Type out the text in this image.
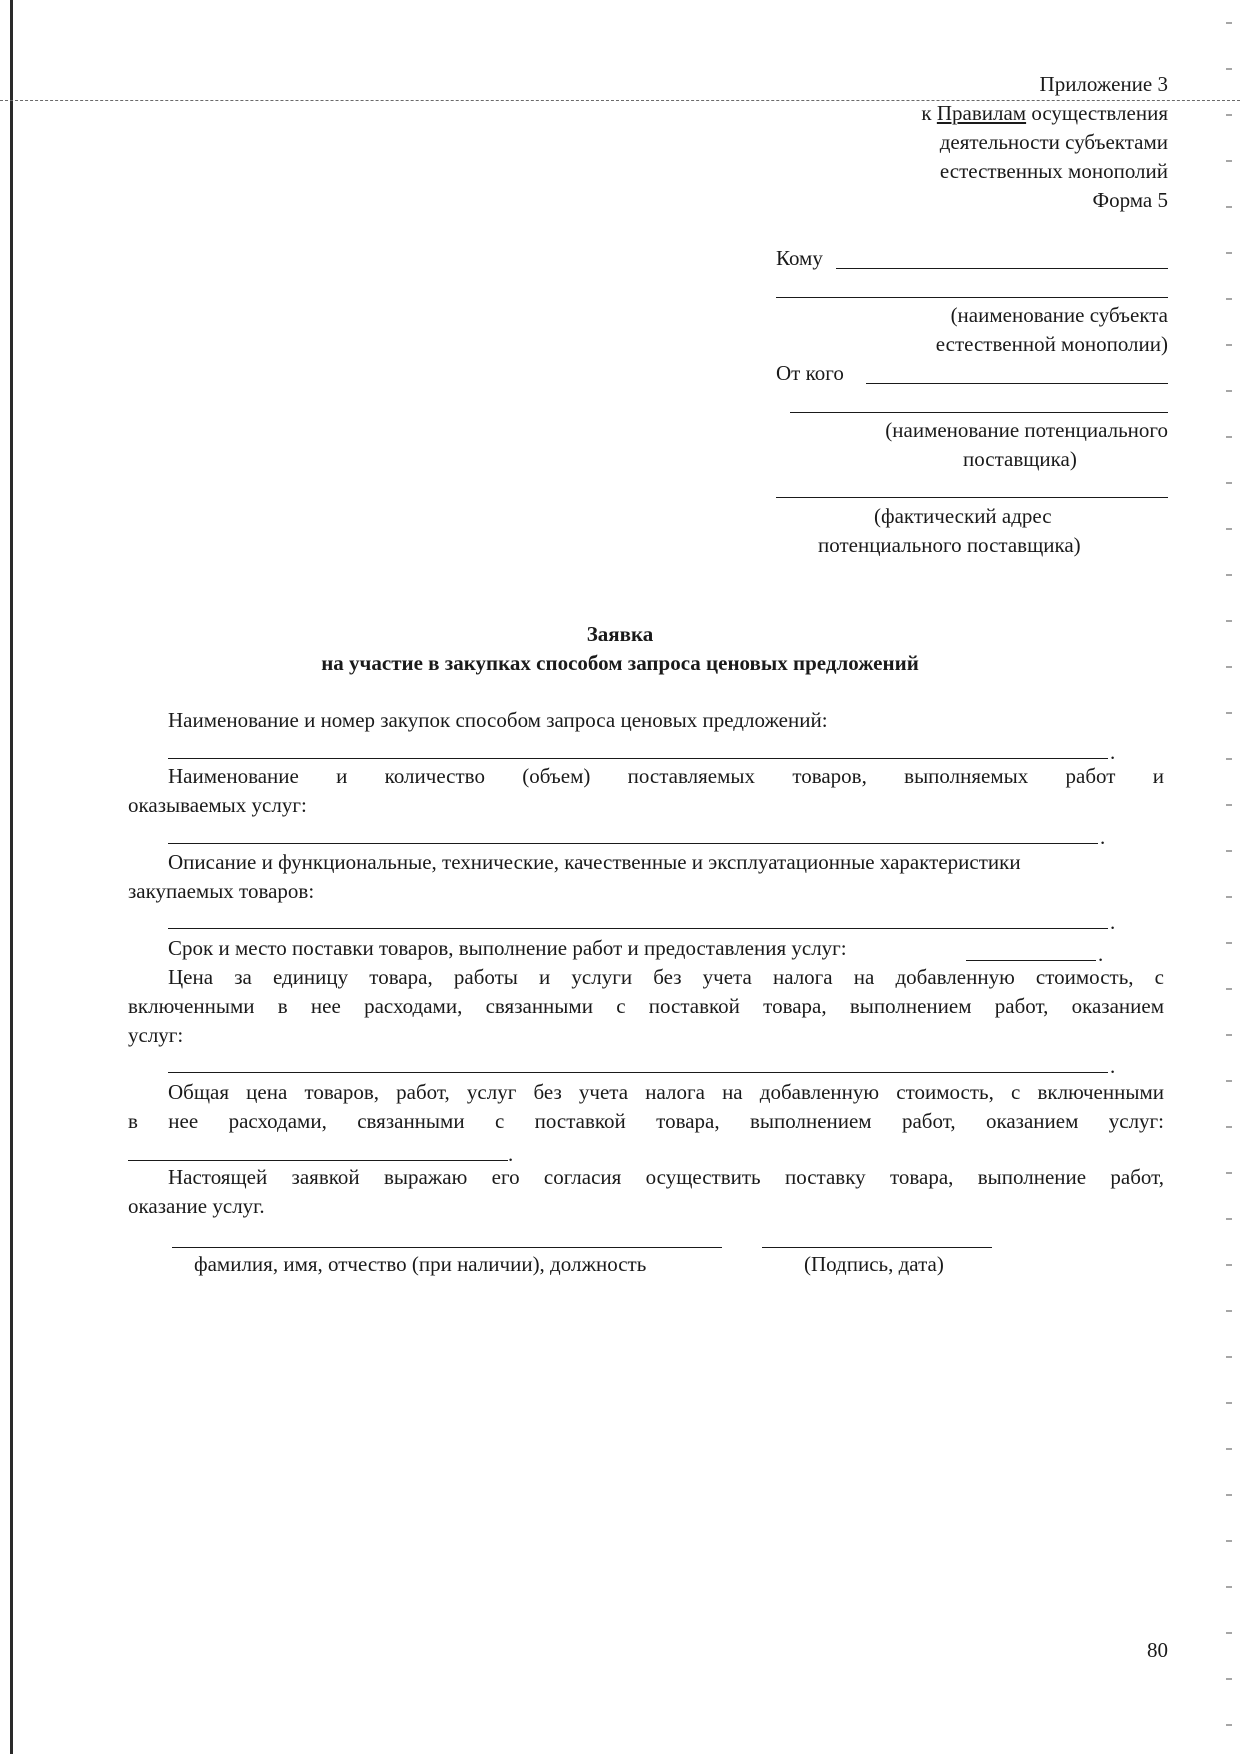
Приложение 3
к Правилам осуществления
деятельности субъектами
естественных монополий
Форма 5
Кому
(наименование субъекта
естественной монополии)
От кого
(наименование потенциального
поставщика)
(фактический адрес
потенциального поставщика)
Заявка
на участие в закупках способом запроса ценовых предложений
Наименование и номер закупок способом запроса ценовых предложений:
.
Наименование и количество (объем) поставляемых товаров, выполняемых работ и
оказываемых услуг:
.
Описание и функциональные, технические, качественные и эксплуатационные характеристики
закупаемых товаров:
.
Срок и место поставки товаров, выполнение работ и предоставления услуг:	.
Цена за единицу товара, работы и услуги без учета налога на добавленную стоимость, с
включенными в нее расходами, связанными с поставкой товара, выполнением работ, оказанием
услуг:
.
Общая цена товаров, работ, услуг без учета налога на добавленную стоимость, с включенными
в нее расходами, связанными с поставкой товара, выполнением работ, оказанием услуг:
.
Настоящей заявкой выражаю его согласия осуществить поставку товара, выполнение работ,
оказание услуг.
фамилия, имя, отчество (при наличии), должность	(Подпись, дата)
80
